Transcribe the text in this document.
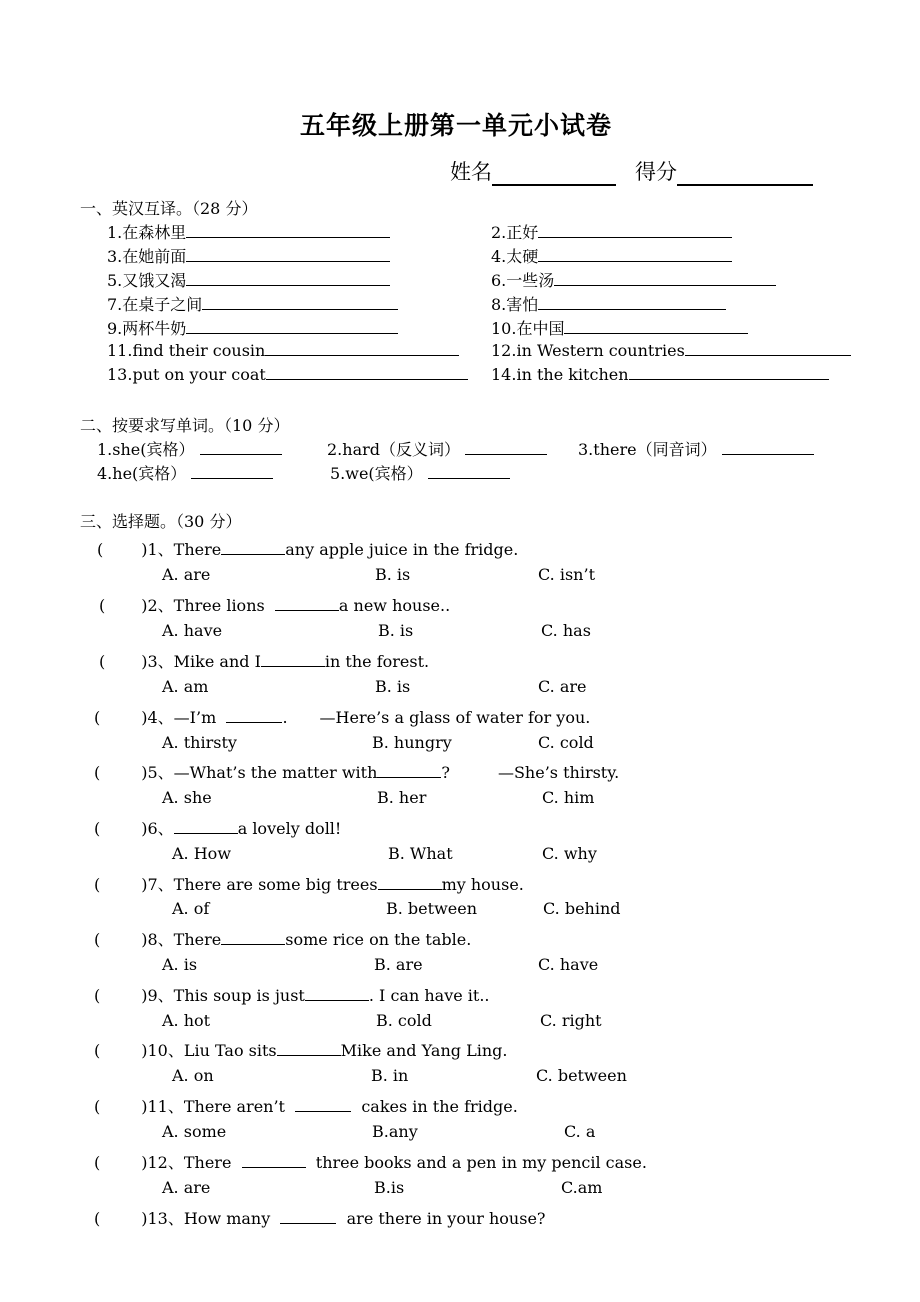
五年级上册第一单元小试卷
姓名	得分
一、英汉互译。（28 分）
1.在森林里	2.正好
3.在她前面	4.太硬
5.又饿又渴	6.一些汤
7.在桌子之间	8.害怕
9.两杯牛奶	10.在中国
11.find their cousin	12.in Western countries
13.put on your coat	14.in the kitchen
二、按要求写单词。（10 分）
1.she(宾格）	2.hard（反义词）	3.there（同音词）
4.he(宾格）	5.we(宾格）
三、选择题。（30 分）
( )1、There	any apple juice in the fridge.
A. are	B. is	C. isn’t
( )2、Three lions	a new house..
A. have	B. is	C. has
( )3、Mike and I	in the forest.
A. am	B. is	C. are
(	)4、—I’m	.　　—Here’s a glass of water for you.
A. thirsty	B. hungry	C. cold
(	)5、—What’s the matter with	?　　　—She’s thirsty.
A. she	B. her	C. him
(	)6、	a lovely doll!
A. How	B. What	C. why
(	)7、There are some big trees	my house.
A. of	B. between	C. behind
(	)8、There	some rice on the table.
A. is	B. are	C. have
(	)9、This soup is just	. I can have it..
A. hot	B. cold	C. right
(	)10、Liu Tao sits	Mike and Yang Ling.
A. on	B. in	C. between
(	)11、There aren’t	cakes in the fridge.
A. some	B.any	C. a
(	)12、There	three books and a pen in my pencil case.
A. are	B.is	C.am
(	)13、How many	are there in your house?
